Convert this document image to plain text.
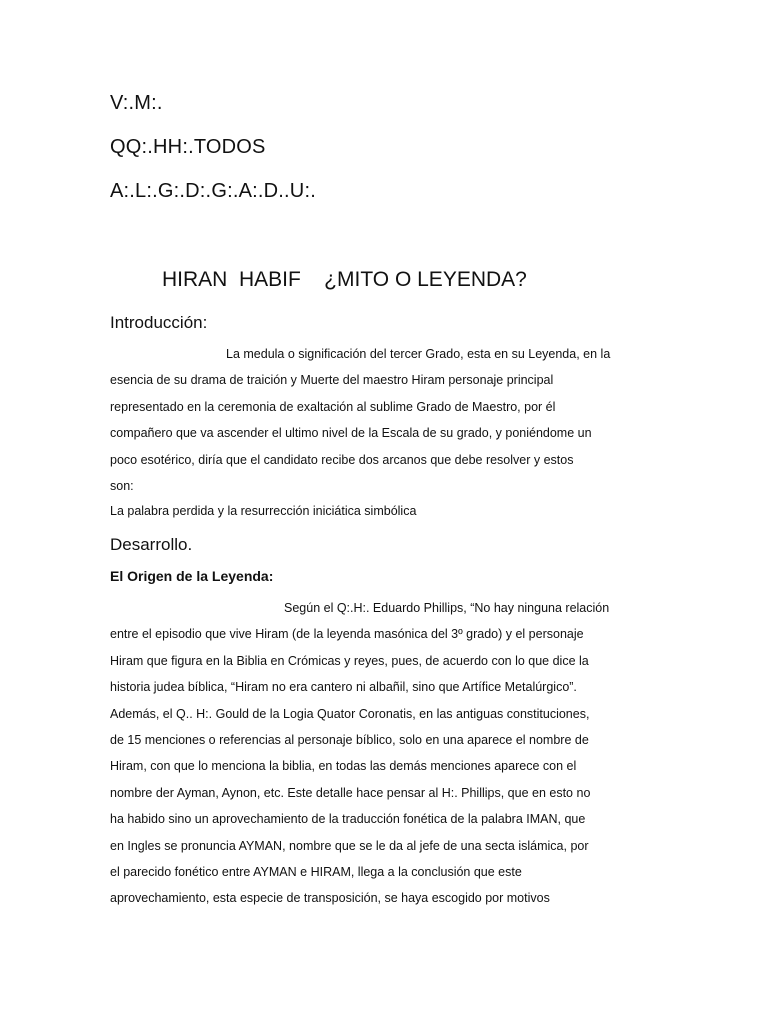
V:.M:.

QQ:.HH:.TODOS

A:.L:.G:.D:.G:.A:.D..U:.

HIRAN  HABIF    ¿MITO O LEYENDA?
Introducción:
La medula o significación del tercer Grado, esta en su Leyenda, en la
esencia de su drama de traición y Muerte del maestro Hiram personaje principal
representado en la ceremonia de exaltación al sublime Grado de Maestro, por él
compañero que va ascender el ultimo nivel de la Escala de su grado, y poniéndome un
poco esotérico, diría que el candidato recibe dos arcanos que debe resolver y estos
son:

La palabra perdida y la resurrección iniciática simbólica

Desarrollo.
El Origen de la Leyenda:
Según el Q:.H:. Eduardo Phillips, “No hay ninguna relación
entre el episodio que vive Hiram (de la leyenda masónica del 3º grado) y el personaje
Hiram que figura en la Biblia en Crómicas y reyes, pues, de acuerdo con lo que dice la
historia judea bíblica, “Hiram no era cantero ni albañil, sino que Artífice Metalúrgico”.
Además, el Q.. H:. Gould de la Logia Quator Coronatis, en las antiguas constituciones,
de 15 menciones o referencias al personaje bíblico, solo en una aparece el nombre de
Hiram, con que lo menciona la biblia, en todas las demás menciones aparece con el
nombre der Ayman, Aynon, etc. Este detalle hace pensar al H:. Phillips, que en esto no
ha habido sino un aprovechamiento de la traducción fonética de la palabra IMAN, que
en Ingles se pronuncia AYMAN, nombre que se le da al jefe de una secta islámica, por
el parecido fonético entre AYMAN e HIRAM, llega a la conclusión que este
aprovechamiento, esta especie de transposición, se haya escogido por motivos
